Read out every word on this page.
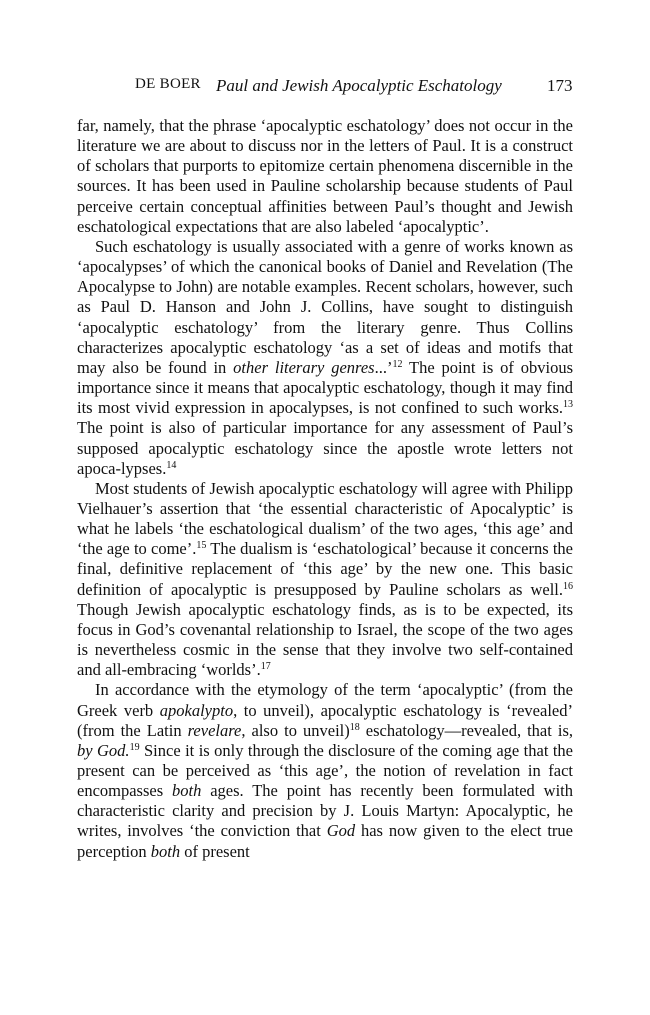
DE BOER Paul and Jewish Apocalyptic Eschatology	173

far, namely, that the phrase ‘apocalyptic eschatology’ does not occur in the literature we are about to discuss nor in the letters of Paul. It is a construct of scholars that purports to epitomize certain phenomena discernible in the sources. It has been used in Pauline scholarship because students of Paul perceive certain conceptual affinities between Paul’s thought and Jewish eschatological expectations that are also labeled ‘apocalyptic’.

Such eschatology is usually associated with a genre of works known as ‘apocalypses’ of which the canonical books of Daniel and Revelation (The Apocalypse to John) are notable examples. Recent scholars, however, such as Paul D. Hanson and John J. Collins, have sought to distinguish ‘apocalyptic eschatology’ from the literary genre. Thus Collins characterizes apocalyptic eschatology ‘as a set of ideas and motifs that may also be found in other literary genres...’$^{12}$ The point is of obvious importance since it means that apocalyptic eschatology, though it may find its most vivid expression in apocalypses, is not confined to such works.$^{13}$ The point is also of particular importance for any assessment of Paul’s supposed apocalyptic eschatology since the apostle wrote letters not apoca-lypses.$^{14}$

Most students of Jewish apocalyptic eschatology will agree with Philipp Vielhauer’s assertion that ‘the essential characteristic of Apocalyptic’ is what he labels ‘the eschatological dualism’ of the two ages, ‘this age’ and ‘the age to come’.$^{15}$ The dualism is ‘eschatological’ because it concerns the final, definitive replacement of ‘this age’ by the new one. This basic definition of apocalyptic is presupposed by Pauline scholars as well.$^{16}$ Though Jewish apocalyptic eschatology finds, as is to be expected, its focus in God’s covenantal relationship to Israel, the scope of the two ages is nevertheless cosmic in the sense that they involve two self-contained and all-embracing ‘worlds’.$^{17}$

In accordance with the etymology of the term ‘apocalyptic’ (from the Greek verb apokalypto, to unveil), apocalyptic eschatology is ‘revealed’ (from the Latin revelare, also to unveil)$^{18}$ eschatology—revealed, that is, by God.$^{19}$ Since it is only through the disclosure of the coming age that the present can be perceived as ‘this age’, the notion of revelation in fact encompasses both ages. The point has recently been formulated with characteristic clarity and precision by J. Louis Martyn: Apocalyptic, he writes, involves ‘the conviction that God has now given to the elect true perception both of present
